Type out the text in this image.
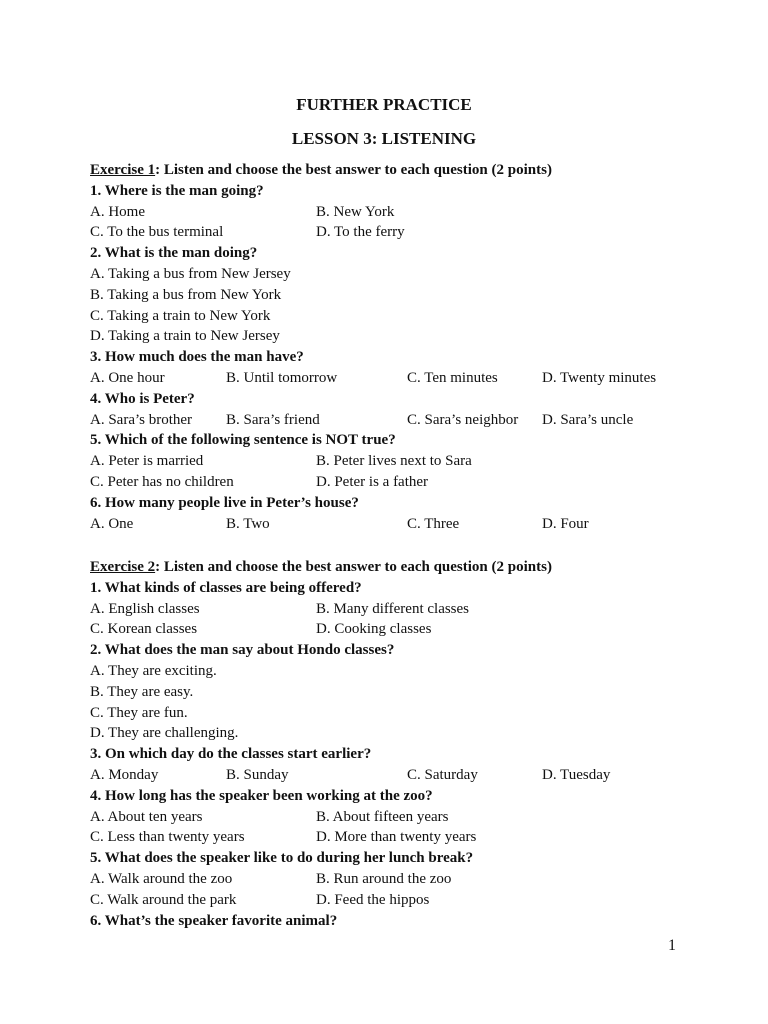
FURTHER PRACTICE
LESSON 3: LISTENING
Exercise 1: Listen and choose the best answer to each question (2 points)
1. Where is the man going?
A. Home	B. New York
C. To the bus terminal	D. To the ferry
2. What is the man doing?
A. Taking a bus from New Jersey
B. Taking a bus from New York
C. Taking a train to New York
D. Taking a train to New Jersey
3. How much does the man have?
A. One hour	B. Until tomorrow	C. Ten minutes	D. Twenty minutes
4. Who is Peter?
A. Sara’s brother B. Sara’s friend	C. Sara’s neighbor D. Sara’s uncle
5. Which of the following sentence is NOT true?
A. Peter is married	B. Peter lives next to Sara
C. Peter has no children	D. Peter is a father
6. How many people live in Peter’s house?
A. One	B. Two	C. Three	D. Four
Exercise 2: Listen and choose the best answer to each question (2 points)
1. What kinds of classes are being offered?
A. English classes	B. Many different classes
C. Korean classes	D. Cooking classes
2. What does the man say about Hondo classes?
A. They are exciting.
B. They are easy.
C. They are fun.
D. They are challenging.
3. On which day do the classes start earlier?
A. Monday	B. Sunday	C. Saturday	D. Tuesday
4. How long has the speaker been working at the zoo?
A. About ten years	B. About fifteen years
C. Less than twenty years	D. More than twenty years
5. What does the speaker like to do during her lunch break?
A. Walk around the zoo	B. Run around the zoo
C. Walk around the park	D. Feed the hippos
6. What’s the speaker favorite animal?
1
